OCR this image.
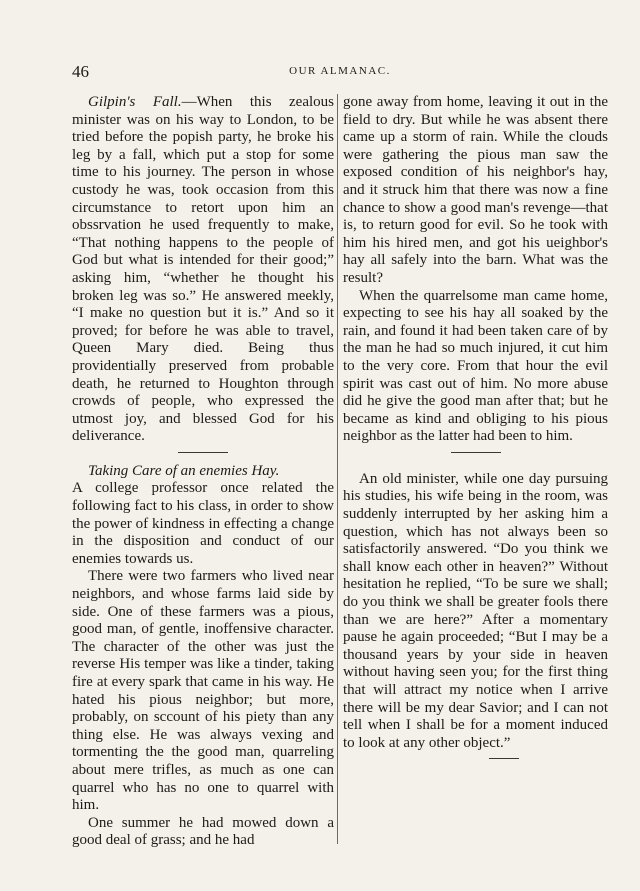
46	OUR ALMANAC.

Gilpin's Fall.—When this zealous minister was on his way to London, to be tried before the popish party, he broke his leg by a fall, which put a stop for some time to his journey. The person in whose custody he was, took occasion from this circumstance to retort upon him an obssrvation he used frequently to make, “That nothing happens to the people of God but what is intended for their good;” asking him, “whether he thought his broken leg was so.” He answered meekly, “I make no question but it is.” And so it proved; for before he was able to travel, Queen Mary died. Being thus providentially preserved from probable death, he returned to Houghton through crowds of people, who expressed the utmost joy, and blessed God for his deliverance.

Taking Care of an enemies Hay.

A college professor once related the following fact to his class, in order to show the power of kindness in effecting a change in the disposition and conduct of our enemies towards us.

There were two farmers who lived near neighbors, and whose farms laid side by side. One of these farmers was a pious, good man, of gentle, inoffensive character. The character of the other was just the reverse His temper was like a tinder, taking fire at every spark that came in his way. He hated his pious neighbor; but more, probably, on sccount of his piety than any thing else. He was always vexing and tormenting the the good man, quarreling about mere trifles, as much as one can quarrel who has no one to quarrel with him.

One summer he had mowed down a good deal of grass; and he had

gone away from home, leaving it out in the field to dry. But while he was absent there came up a storm of rain. While the clouds were gathering the pious man saw the exposed condition of his neighbor's hay, and it struck him that there was now a fine chance to show a good man's revenge—that is, to return good for evil. So he took with him his hired men, and got his ueighbor's hay all safely into the barn. What was the result?

When the quarrelsome man came home, expecting to see his hay all soaked by the rain, and found it had been taken care of by the man he had so much injured, it cut him to the very core. From that hour the evil spirit was cast out of him. No more abuse did he give the good man after that; but he became as kind and obliging to his pious neighbor as the latter had been to him.

An old minister, while one day pursuing his studies, his wife being in the room, was suddenly interrupted by her asking him a question, which has not always been so satisfactorily answered. “Do you think we shall know each other in heaven?” Without hesitation he replied, “To be sure we shall; do you think we shall be greater fools there than we are here?” After a momentary pause he again proceeded; “But I may be a thousand years by your side in heaven without having seen you; for the first thing that will attract my notice when I arrive there will be my dear Savior; and I can not tell when I shall be for a moment induced to look at any other object.”
